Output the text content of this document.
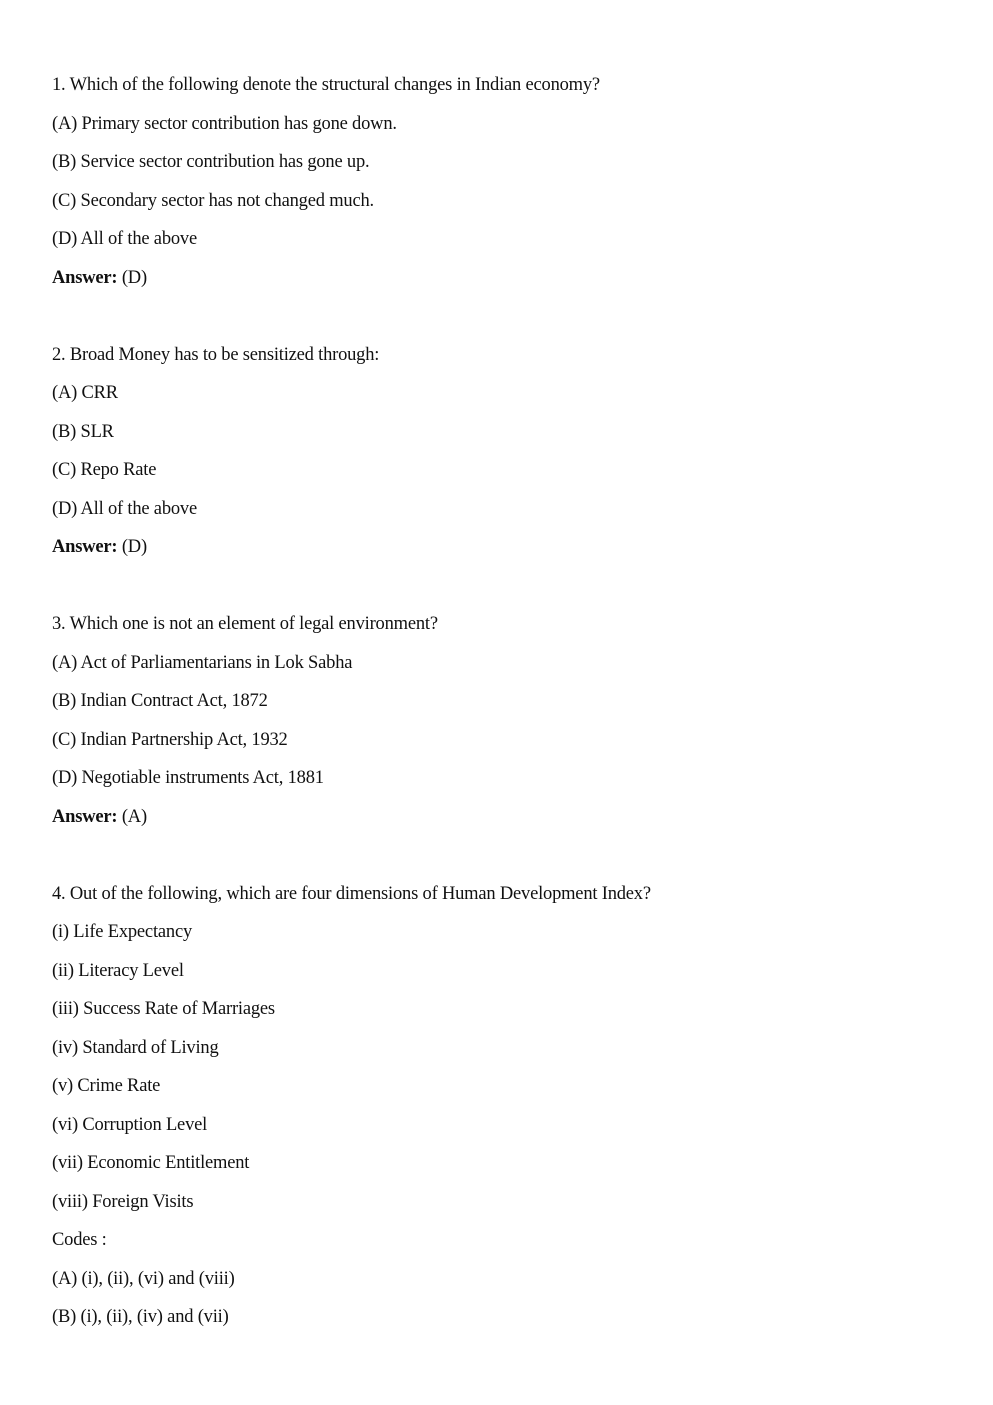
1. Which of the following denote the structural changes in Indian economy?
(A) Primary sector contribution has gone down.
(B) Service sector contribution has gone up.
(C) Secondary sector has not changed much.
(D) All of the above
Answer: (D)
2. Broad Money has to be sensitized through:
(A) CRR
(B) SLR
(C) Repo Rate
(D) All of the above
Answer: (D)
3. Which one is not an element of legal environment?
(A) Act of Parliamentarians in Lok Sabha
(B) Indian Contract Act, 1872
(C) Indian Partnership Act, 1932
(D) Negotiable instruments Act, 1881
Answer: (A)
4. Out of the following, which are four dimensions of Human Development Index?
(i) Life Expectancy
(ii) Literacy Level
(iii) Success Rate of Marriages
(iv) Standard of Living
(v) Crime Rate
(vi) Corruption Level
(vii) Economic Entitlement
(viii) Foreign Visits
Codes :
(A) (i), (ii), (vi) and (viii)
(B) (i), (ii), (iv) and (vii)
